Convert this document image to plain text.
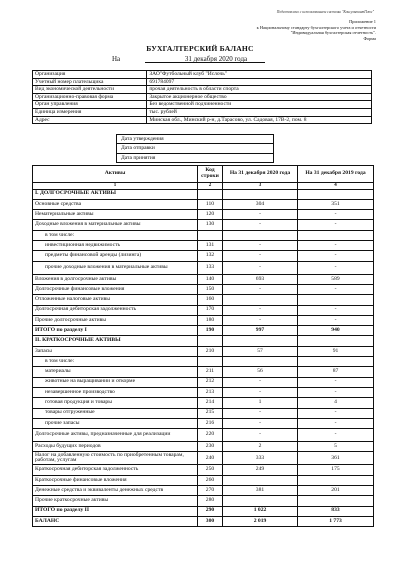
Подготовлено с использованием системы "КонсультантПлюс"
Приложение 1
к Национальному стандарту бухгалтерского учета и отчетности
"Индивидуальная бухгалтерская отчетность".
Форма
БУХГАЛТЕРСКИЙ БАЛАНС
На	31 декабря 2020 года
Организация	ЗАО"Футбольный клуб "Ислочь"
Учетный номер плательщика	691784097
Вид экономической деятельности	прочая деятельность в области спорта
Организационно-правовая форма	Закрытое акционерное общество
Орган управления	Без ведомственной подчиненности
Единица измерения	тыс. рублей
Адрес	Минская обл., Минский р-н, д.Тарасово, ул. Садовая, 17В-2, пом. 8
Дата утверждения
Дата отправки
Дата принятия
Активы	Код строки	На 31 декабря 2020 года	На 31 декабря 2019 года
1	2	3	4
I. ДОЛГОСРОЧНЫЕ АКТИВЫ			
Основные средства	110	304	351
Нематериальные активы	120	-	-
Доходные вложения в материальные активы	130	-	-
в том числе:			
инвестиционная недвижимость	131	-	-
предметы финансовой аренды (лизинга)	132	-	-
прочие доходные вложения в материальные активы	133	-	-
Вложения в долгосрочные активы	140	693	589
Долгосрочные финансовые вложения	150	-	-
Отложенные налоговые активы	160		
Долгосрочная дебиторская задолженность	170	-	-
Прочие долгосрочные активы	180	-	-
ИТОГО по разделу I	190	997	940
II. КРАТКОСРОЧНЫЕ АКТИВЫ			
Запасы	210	57	91
в том числе:			
материалы	211	56	87
животные на выращивании и откорме	212	-	-
незавершенное производство	213	-	-
готовая продукция и товары	214	1	4
товары отгруженные	215	-	-
прочие запасы	216	-	-
Долгосрочные активы, предназначенные для реализации	220	-	-
Расходы будущих периодов	230	2	5
Налог на добавленную стоимость по приобретенным товарам, работам, услугам	240	333	361
Краткосрочная дебиторская задолженность	250	249	175
Краткосрочные финансовые вложения	260		
Денежные средства и эквиваленты денежных средств	270	381	201
Прочие краткосрочные активы	280		
ИТОГО по разделу II	290	1 022	833
БАЛАНС	300	2 019	1 773
